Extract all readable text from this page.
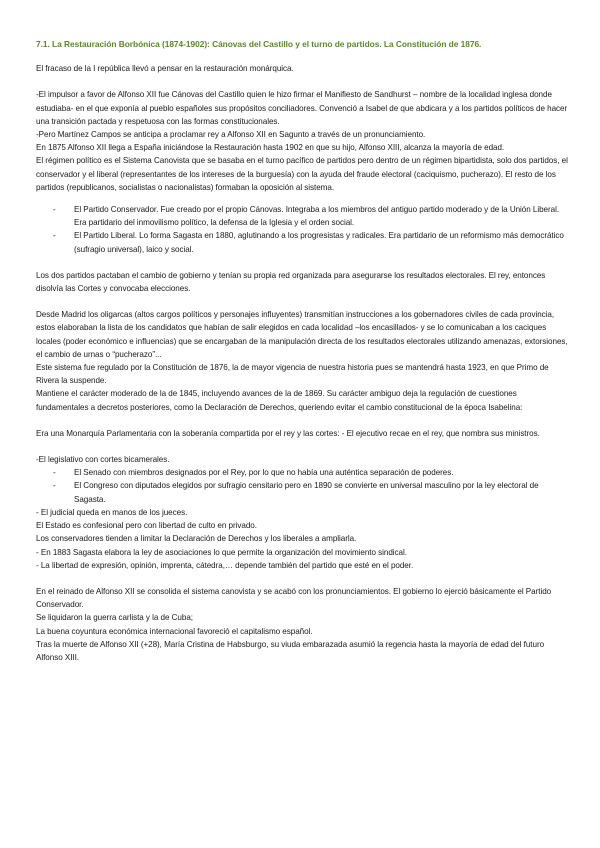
7.1. La Restauración Borbónica (1874-1902): Cánovas del Castillo y el turno de partidos. La Constitución de 1876.

El fracaso de la I república llevó a pensar en la restauración monárquica.

-El impulsor a favor de Alfonso XII fue Cánovas del Castillo quien le hizo firmar el Manifiesto de Sandhurst – nombre de la localidad inglesa donde estudiaba- en el que exponía al pueblo españoles sus propósitos conciliadores. Convenció a Isabel de que abdicara y a los partidos políticos de hacer una transición pactada y respetuosa con las formas constitucionales.

-Pero Martínez Campos se anticipa a proclamar rey a Alfonso XII en Sagunto a través de un pronunciamiento.

En 1875 Alfonso XII llega a España iniciándose la Restauración hasta 1902 en que su hijo, Alfonso XIII, alcanza la mayoría de edad.

El régimen político es el Sistema Canovista que se basaba en el turno pacífico de partidos pero dentro de un régimen bipartidista, solo dos partidos, el conservador y el liberal (representantes de los intereses de la burguesía) con la ayuda del fraude electoral (caciquismo, pucherazo). El resto de los partidos (republicanos, socialistas o nacionalistas) formaban la oposición al sistema.

- El Partido Conservador. Fue creado por el propio Cánovas. Integraba a los miembros del antiguo partido moderado y de la Unión Liberal. Era partidario del inmovilismo político, la defensa de la Iglesia y el orden social.
- El Partido Liberal. Lo forma Sagasta en 1880, aglutinando a los progresistas y radicales. Era partidario de un reformismo más democrático (sufragio universal), laico y social.

Los dos partidos pactaban el cambio de gobierno y tenían su propia red organizada para asegurarse los resultados electorales. El rey, entonces disolvía las Cortes y convocaba elecciones.

Desde Madrid los oligarcas (altos cargos políticos y personajes influyentes) transmitían instrucciones a los gobernadores civiles de cada provincia, estos elaboraban la lista de los candidatos que habían de salir elegidos en cada localidad –los encasillados- y se lo comunicaban a los caciques locales (poder económico e influencias) que se encargaban de la manipulación directa de los resultados electorales utilizando amenazas, extorsiones, el cambio de urnas o “pucherazo”...

Este sistema fue regulado por la Constitución de 1876, la de mayor vigencia de nuestra historia pues se mantendrá hasta 1923, en que Primo de Rivera la suspende.

Mantiene el carácter moderado de la de 1845, incluyendo avances de la de 1869. Su carácter ambiguo deja la regulación de cuestiones fundamentales a decretos posteriores, como la Declaración de Derechos, queriendo evitar el cambio constitucional de la época Isabelina:

Era una Monarquía Parlamentaria con la soberanía compartida por el rey y las cortes: - El ejecutivo recae en el rey, que nombra sus ministros.

-El legislativo con cortes bicamerales.

- El Senado con miembros designados por el Rey, por lo que no había una auténtica separación de poderes.
- El Congreso con diputados elegidos por sufragio censitario pero en 1890 se convierte en universal masculino por la ley electoral de Sagasta.

- El judicial queda en manos de los jueces.

El Estado es confesional pero con libertad de culto en privado.

Los conservadores tienden a limitar la Declaración de Derechos y los liberales a ampliarla.

- En 1883 Sagasta elabora la ley de asociaciones lo que permite la organización del movimiento sindical.

- La libertad de expresión, opinión, imprenta, cátedra,… depende también del partido que esté en el poder.

En el reinado de Alfonso XII se consolida el sistema canovista y se acabó con los pronunciamientos. El gobierno lo ejerció básicamente el Partido Conservador.

Se liquidaron la guerra carlista y la de Cuba;

La buena coyuntura económica internacional favoreció el capitalismo español.

Tras la muerte de Alfonso XII (+28), María Cristina de Habsburgo, su viuda embarazada asumió la regencia hasta la mayoría de edad del futuro Alfonso XIII.
